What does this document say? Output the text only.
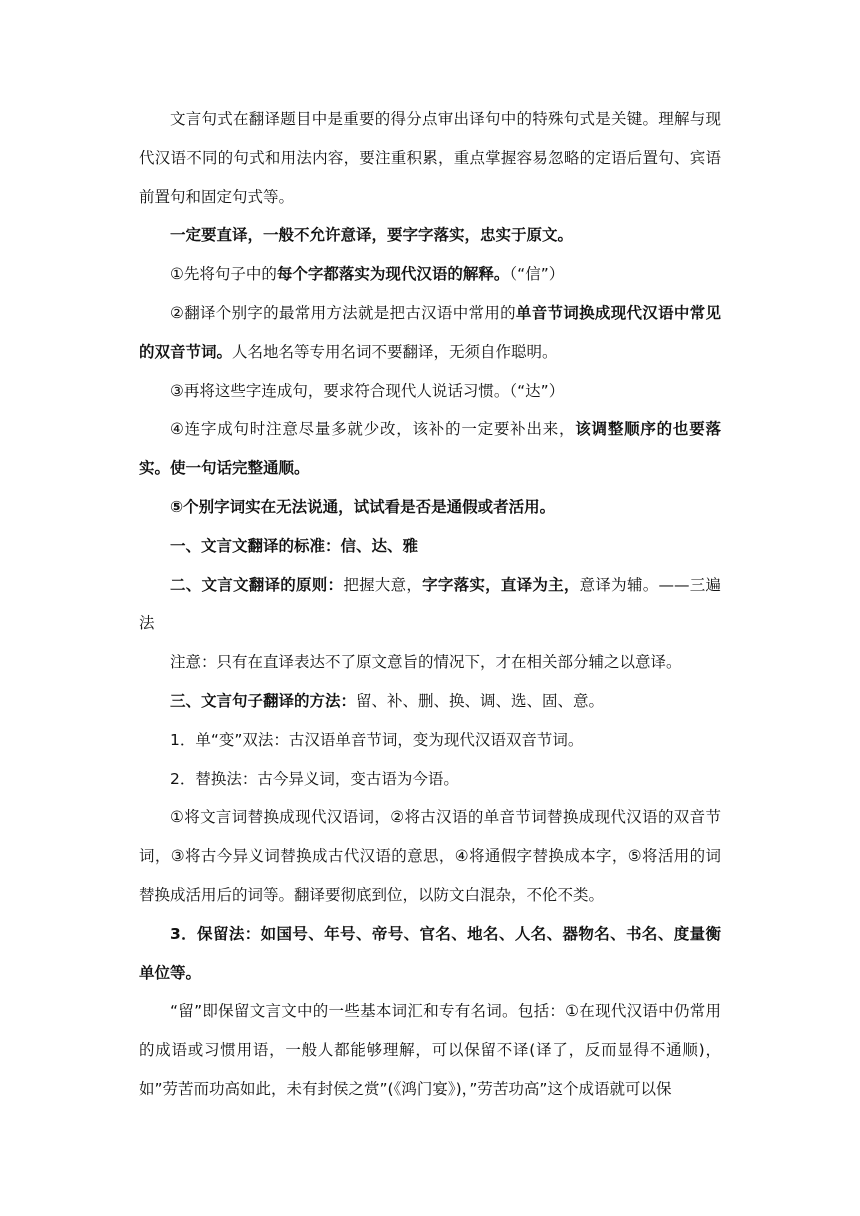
文言句式在翻译题目中是重要的得分点审出译句中的特殊句式是关键。理解与现代汉语不同的句式和用法内容，要注重积累，重点掌握容易忽略的定语后置句、宾语前置句和固定句式等。

一定要直译，一般不允许意译，要字字落实，忠实于原文。

①先将句子中的每个字都落实为现代汉语的解释。（“信”）

②翻译个别字的最常用方法就是把古汉语中常用的单音节词换成现代汉语中常见的双音节词。人名地名等专用名词不要翻译，无须自作聪明。

③再将这些字连成句，要求符合现代人说话习惯。（“达”）

④连字成句时注意尽量多就少改，该补的一定要补出来，该调整顺序的也要落实。使一句话完整通顺。

⑤个别字词实在无法说通，试试看是否是通假或者活用。

一、文言文翻译的标准：信、达、雅

二、文言文翻译的原则：把握大意，字字落实，直译为主，意译为辅。——三遍法

注意：只有在直译表达不了原文意旨的情况下，才在相关部分辅之以意译。

三、文言句子翻译的方法：留、补、删、换、调、选、固、意。

1．单“变”双法：古汉语单音节词，变为现代汉语双音节词。

2．替换法：古今异义词，变古语为今语。

①将文言词替换成现代汉语词，②将古汉语的单音节词替换成现代汉语的双音节词，③将古今异义词替换成古代汉语的意思，④将通假字替换成本字，⑤将活用的词替换成活用后的词等。翻译要彻底到位，以防文白混杂，不伦不类。

3．保留法：如国号、年号、帝号、官名、地名、人名、器物名、书名、度量衡单位等。

“留”即保留文言文中的一些基本词汇和专有名词。包括：①在现代汉语中仍常用的成语或习惯用语，一般人都能够理解，可以保留不译(译了，反而显得不通顺)，如”劳苦而功高如此，未有封侯之赏”(《鸿门宴》)，”劳苦功高”这个成语就可以保
